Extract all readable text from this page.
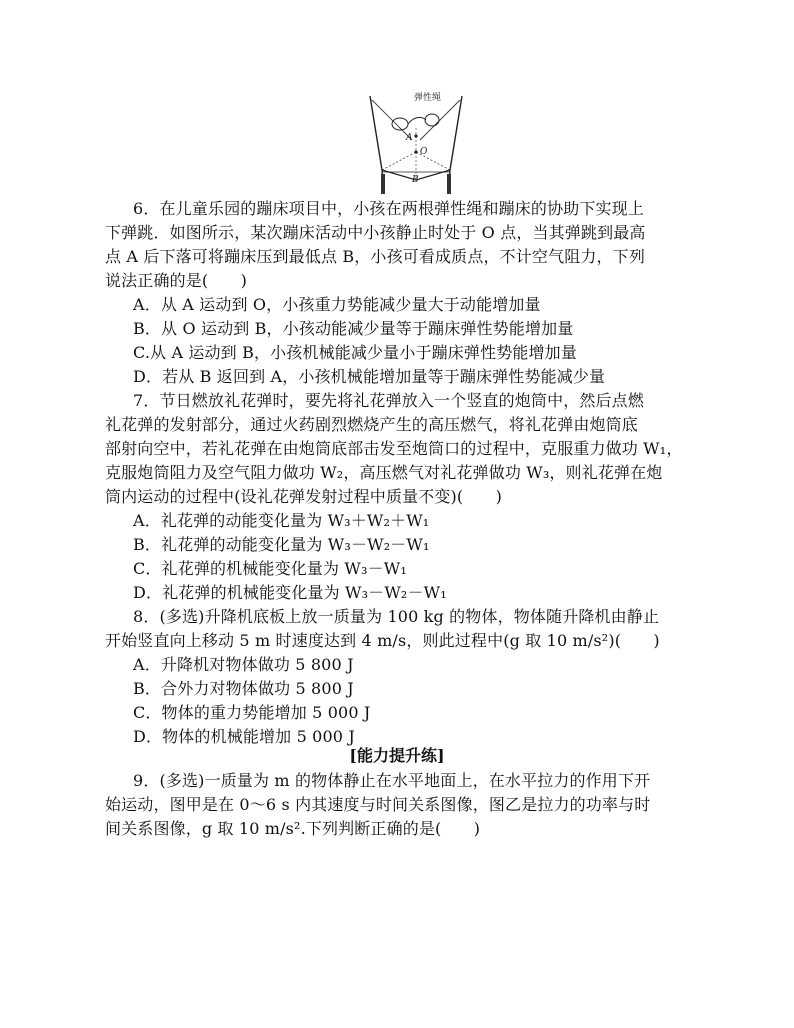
弹性绳
A
O
B
6．在儿童乐园的蹦床项目中，小孩在两根弹性绳和蹦床的协助下实现上
下弹跳．如图所示，某次蹦床活动中小孩静止时处于 O 点，当其弹跳到最高
点 A 后下落可将蹦床压到最低点 B，小孩可看成质点，不计空气阻力，下列
说法正确的是(　　)
A．从 A 运动到 O，小孩重力势能减少量大于动能增加量
B．从 O 运动到 B，小孩动能减少量等于蹦床弹性势能增加量
C.从 A 运动到 B，小孩机械能减少量小于蹦床弹性势能增加量
D．若从 B 返回到 A，小孩机械能增加量等于蹦床弹性势能减少量
7．节日燃放礼花弹时，要先将礼花弹放入一个竖直的炮筒中，然后点燃
礼花弹的发射部分，通过火药剧烈燃烧产生的高压燃气，将礼花弹由炮筒底
部射向空中，若礼花弹在由炮筒底部击发至炮筒口的过程中，克服重力做功 W₁，
克服炮筒阻力及空气阻力做功 W₂，高压燃气对礼花弹做功 W₃，则礼花弹在炮
筒内运动的过程中(设礼花弹发射过程中质量不变)(　　)
A．礼花弹的动能变化量为 W₃＋W₂＋W₁
B．礼花弹的动能变化量为 W₃－W₂－W₁
C．礼花弹的机械能变化量为 W₃－W₁
D．礼花弹的机械能变化量为 W₃－W₂－W₁
8．(多选)升降机底板上放一质量为 100 kg 的物体，物体随升降机由静止
开始竖直向上移动 5 m 时速度达到 4 m/s，则此过程中(g 取 10 m/s²)(　　)
A．升降机对物体做功 5 800 J
B．合外力对物体做功 5 800 J
C．物体的重力势能增加 5 000 J
D．物体的机械能增加 5 000 J
[能力提升练]
9．(多选)一质量为 m 的物体静止在水平地面上，在水平拉力的作用下开
始运动，图甲是在 0～6 s 内其速度与时间关系图像，图乙是拉力的功率与时
间关系图像，g 取 10 m/s².下列判断正确的是(　　)
